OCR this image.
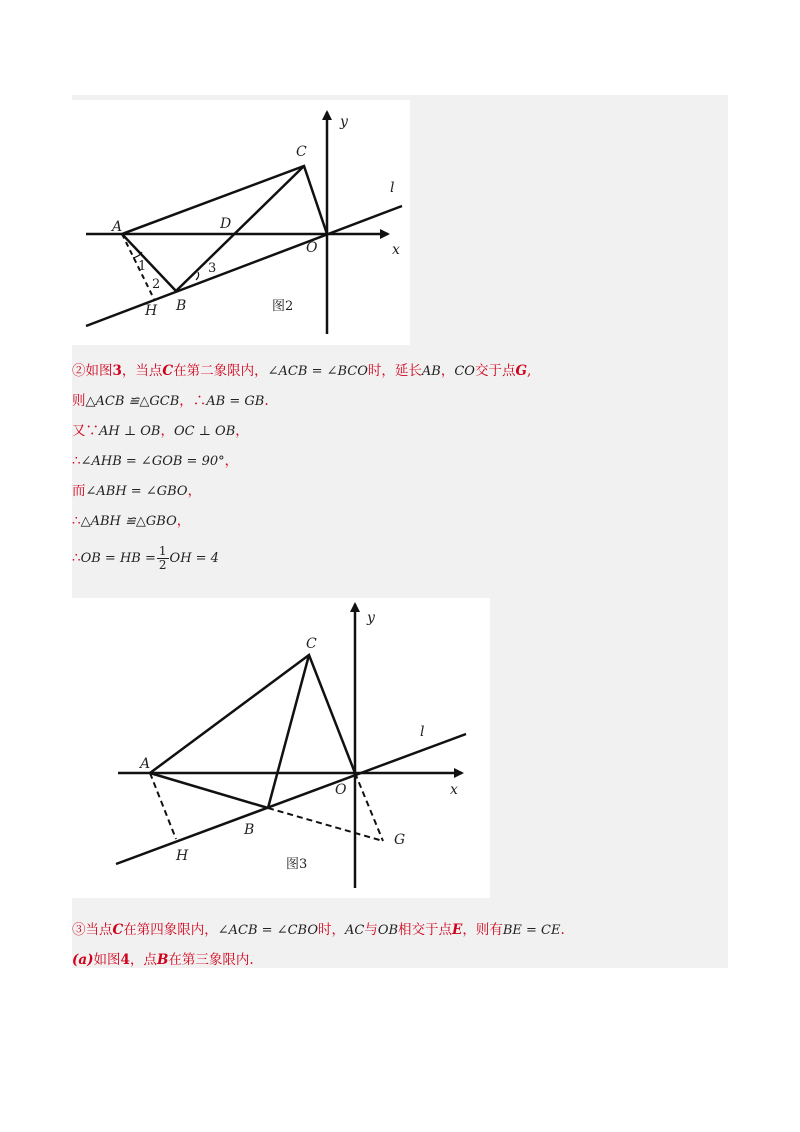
C
A	D
O
y
x
l
1
2
3
B
H	图2
②如图3，当点C在第二象限内，∠ACB = ∠BCO时，延长AB，CO交于点G,
则△ACB ≌△GCB，∴AB = GB.
又∵AH ⊥ OB，OC ⊥ OB，
∴∠AHB = ∠GOB = 90°，
而∠ABH = ∠GBO，
∴△ABH ≌△GBO，
∴OB = HB = $\frac{1}{2}$ OH = 4
C
A
O
y
x
l
B
H
G
图3
③当点C在第四象限内，∠ACB = ∠CBO时，AC与OB相交于点E，则有BE = CE.
(a)如图4，点B在第三象限内.
